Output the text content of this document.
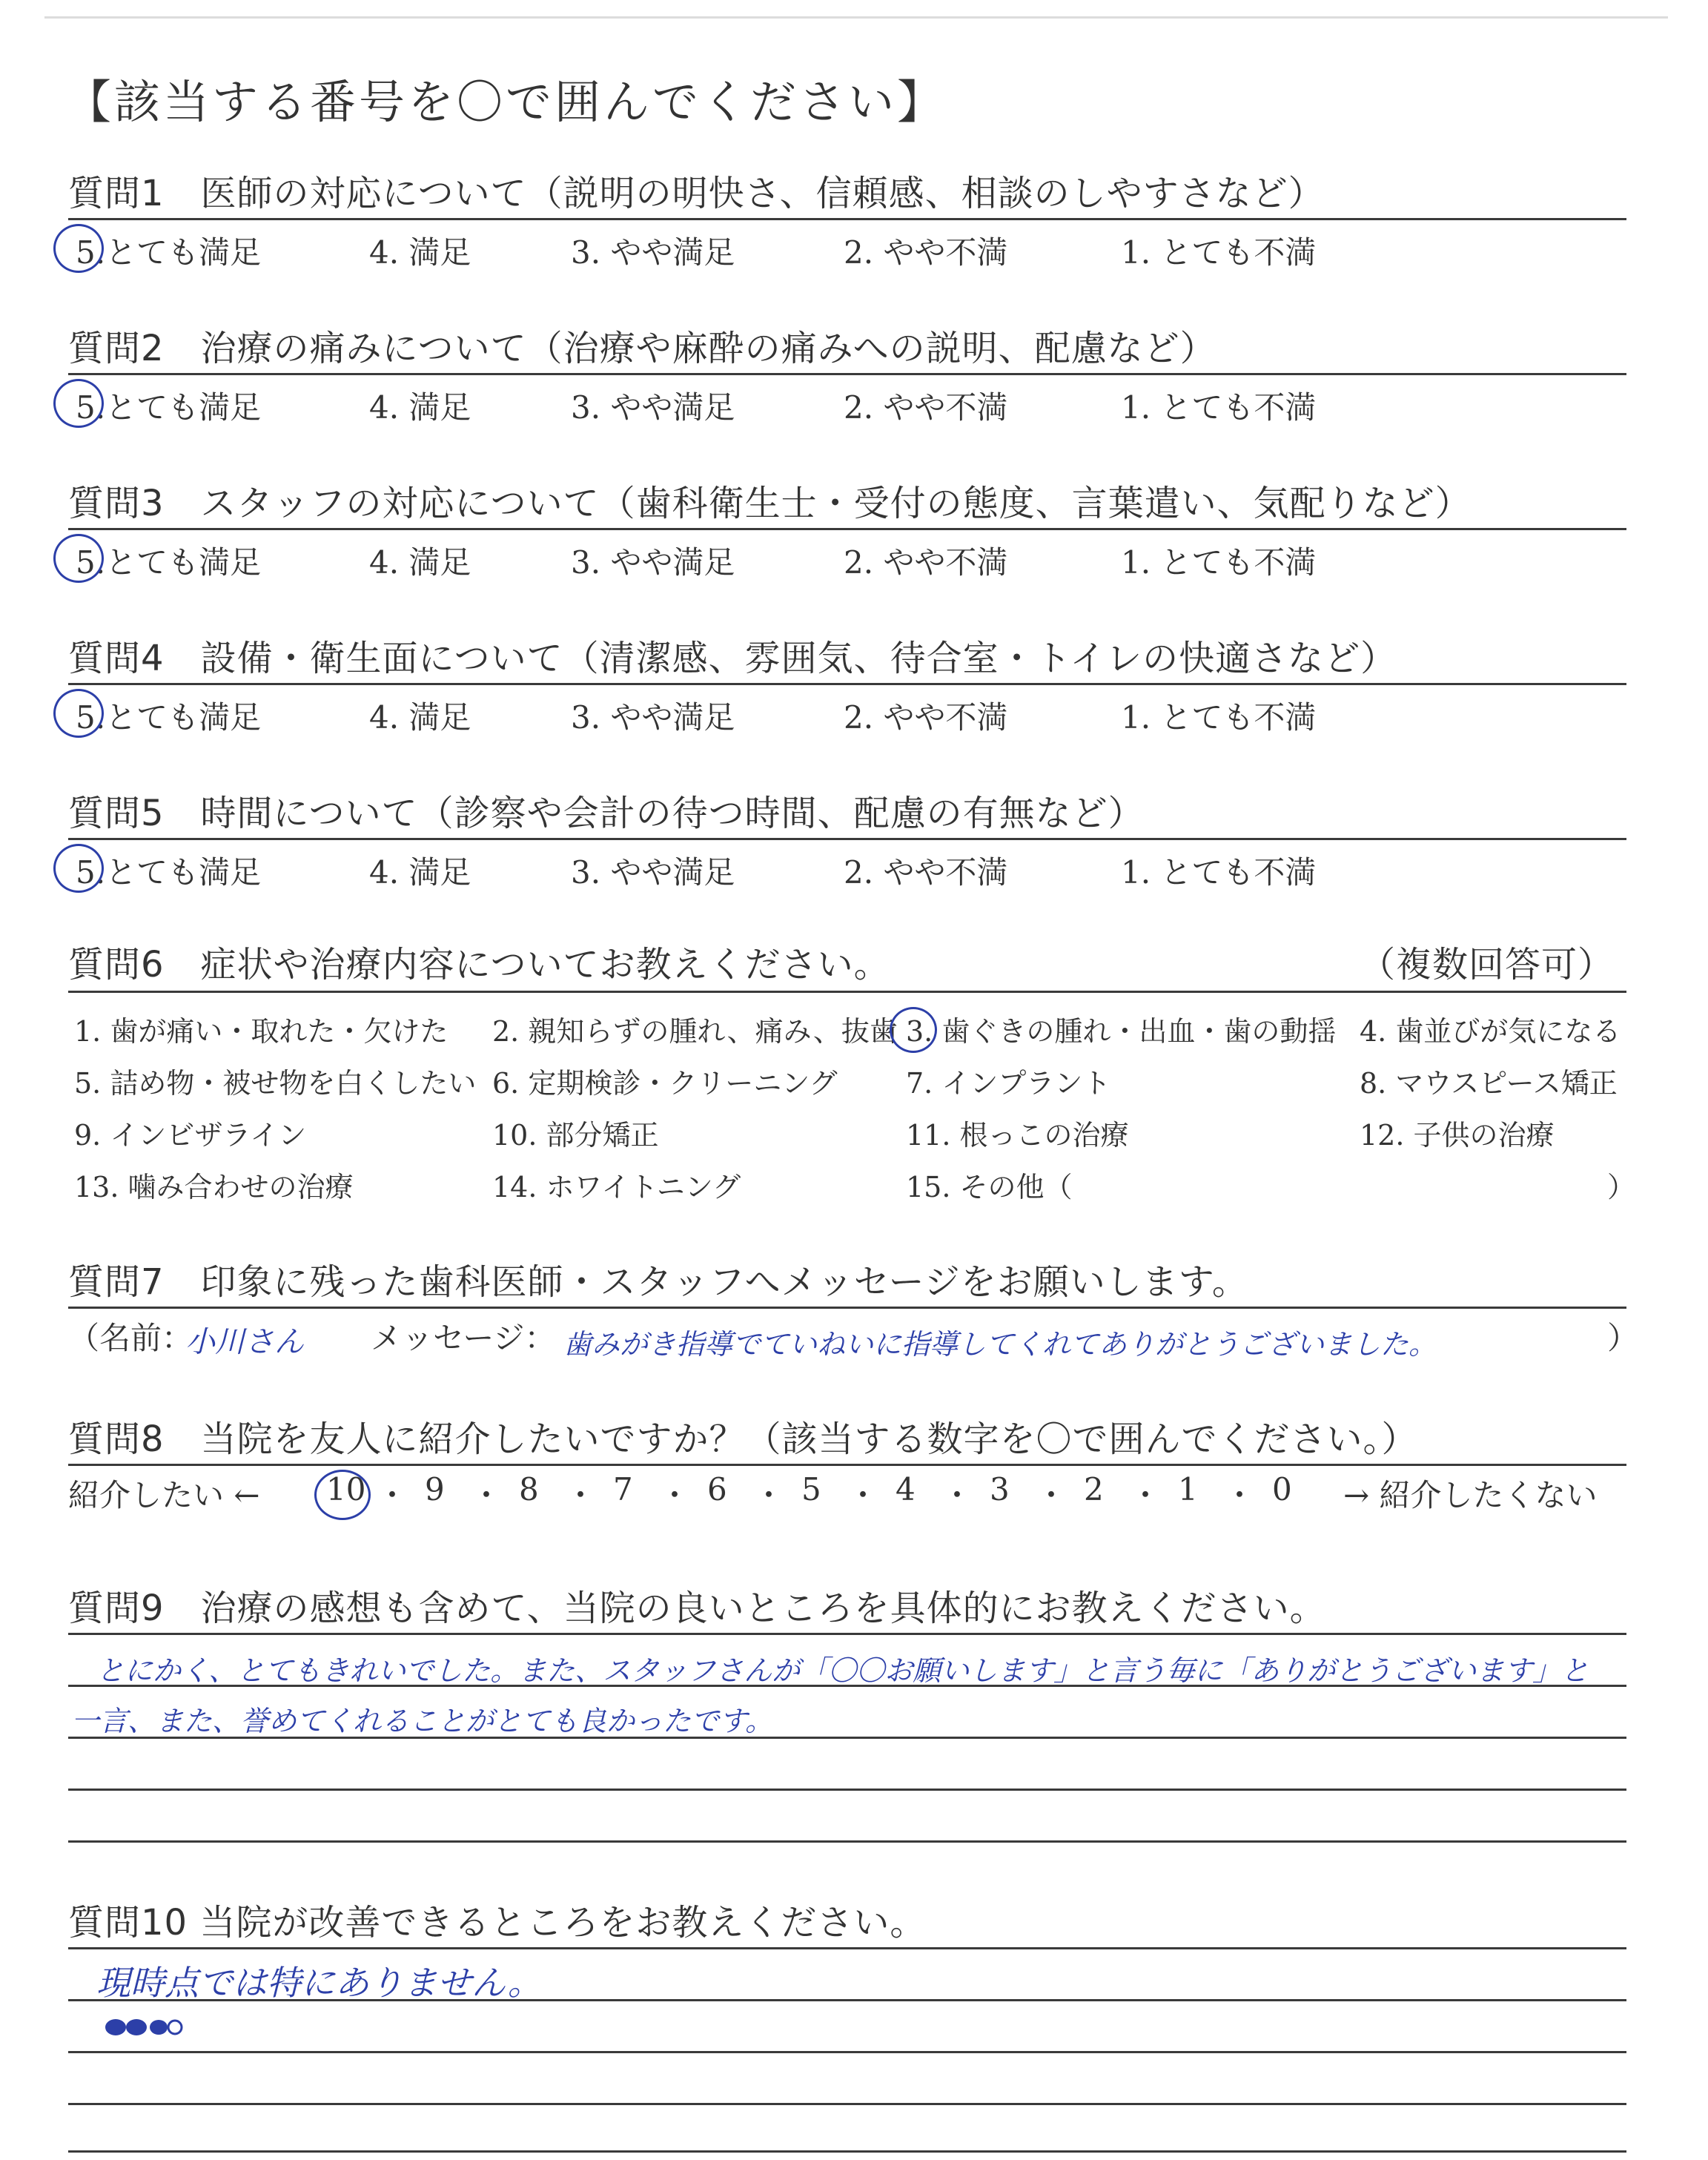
【該当する番号を〇で囲んでください】
質問1　医師の対応について（説明の明快さ、信頼感、相談のしやすさなど）
5.とても満足	4. 満足	3. やや満足	2. やや不満	1. とても不満
質問2　治療の痛みについて（治療や麻酔の痛みへの説明、配慮など）
5.とても満足	4. 満足	3. やや満足	2. やや不満	1. とても不満
質問3　スタッフの対応について（歯科衛生士・受付の態度、言葉遣い、気配りなど）
5.とても満足	4. 満足	3. やや満足	2. やや不満	1. とても不満
質問4　設備・衛生面について（清潔感、雰囲気、待合室・トイレの快適さなど）
5.とても満足	4. 満足	3. やや満足	2. やや不満	1. とても不満
質問5　時間について（診察や会計の待つ時間、配慮の有無など）
5.とても満足	4. 満足	3. やや満足	2. やや不満	1. とても不満
質問6　症状や治療内容についてお教えください。	（複数回答可）
1. 歯が痛い・取れた・欠けた 2. 親知らずの腫れ、痛み、抜歯 3. 歯ぐきの腫れ・出血・歯の動揺 4. 歯並びが気になる
5. 詰め物・被せ物を白くしたい 6. 定期検診・クリーニング 7. インプラント	8. マウスピース矯正
9. インビザライン	10. 部分矯正	11. 根っこの治療	12. 子供の治療
13. 噛み合わせの治療	14. ホワイトニング	15. その他（	）
質問7　印象に残った歯科医師・スタッフへメッセージをお願いします。
（名前：
小川さん メッセージ： 歯みがき指導でていねいに指導してくれてありがとうございました。	）
質問8　当院を友人に紹介したいですか？（該当する数字を〇で囲んでください。）
紹介したい ← 10 ・ 9 ・ 8 ・ 7 ・ 6 ・ 5 ・ 4 ・ 3 ・ 2 ・ 1 ・ 0 → 紹介したくない
質問9　治療の感想も含めて、当院の良いところを具体的にお教えください。
とにかく、とてもきれいでした。また、スタッフさんが「〇〇お願いします」と言う毎に「ありがとうございます」と
一言、また、誉めてくれることがとても良かったです。
質問10 当院が改善できるところをお教えください。
現時点では特にありません。
